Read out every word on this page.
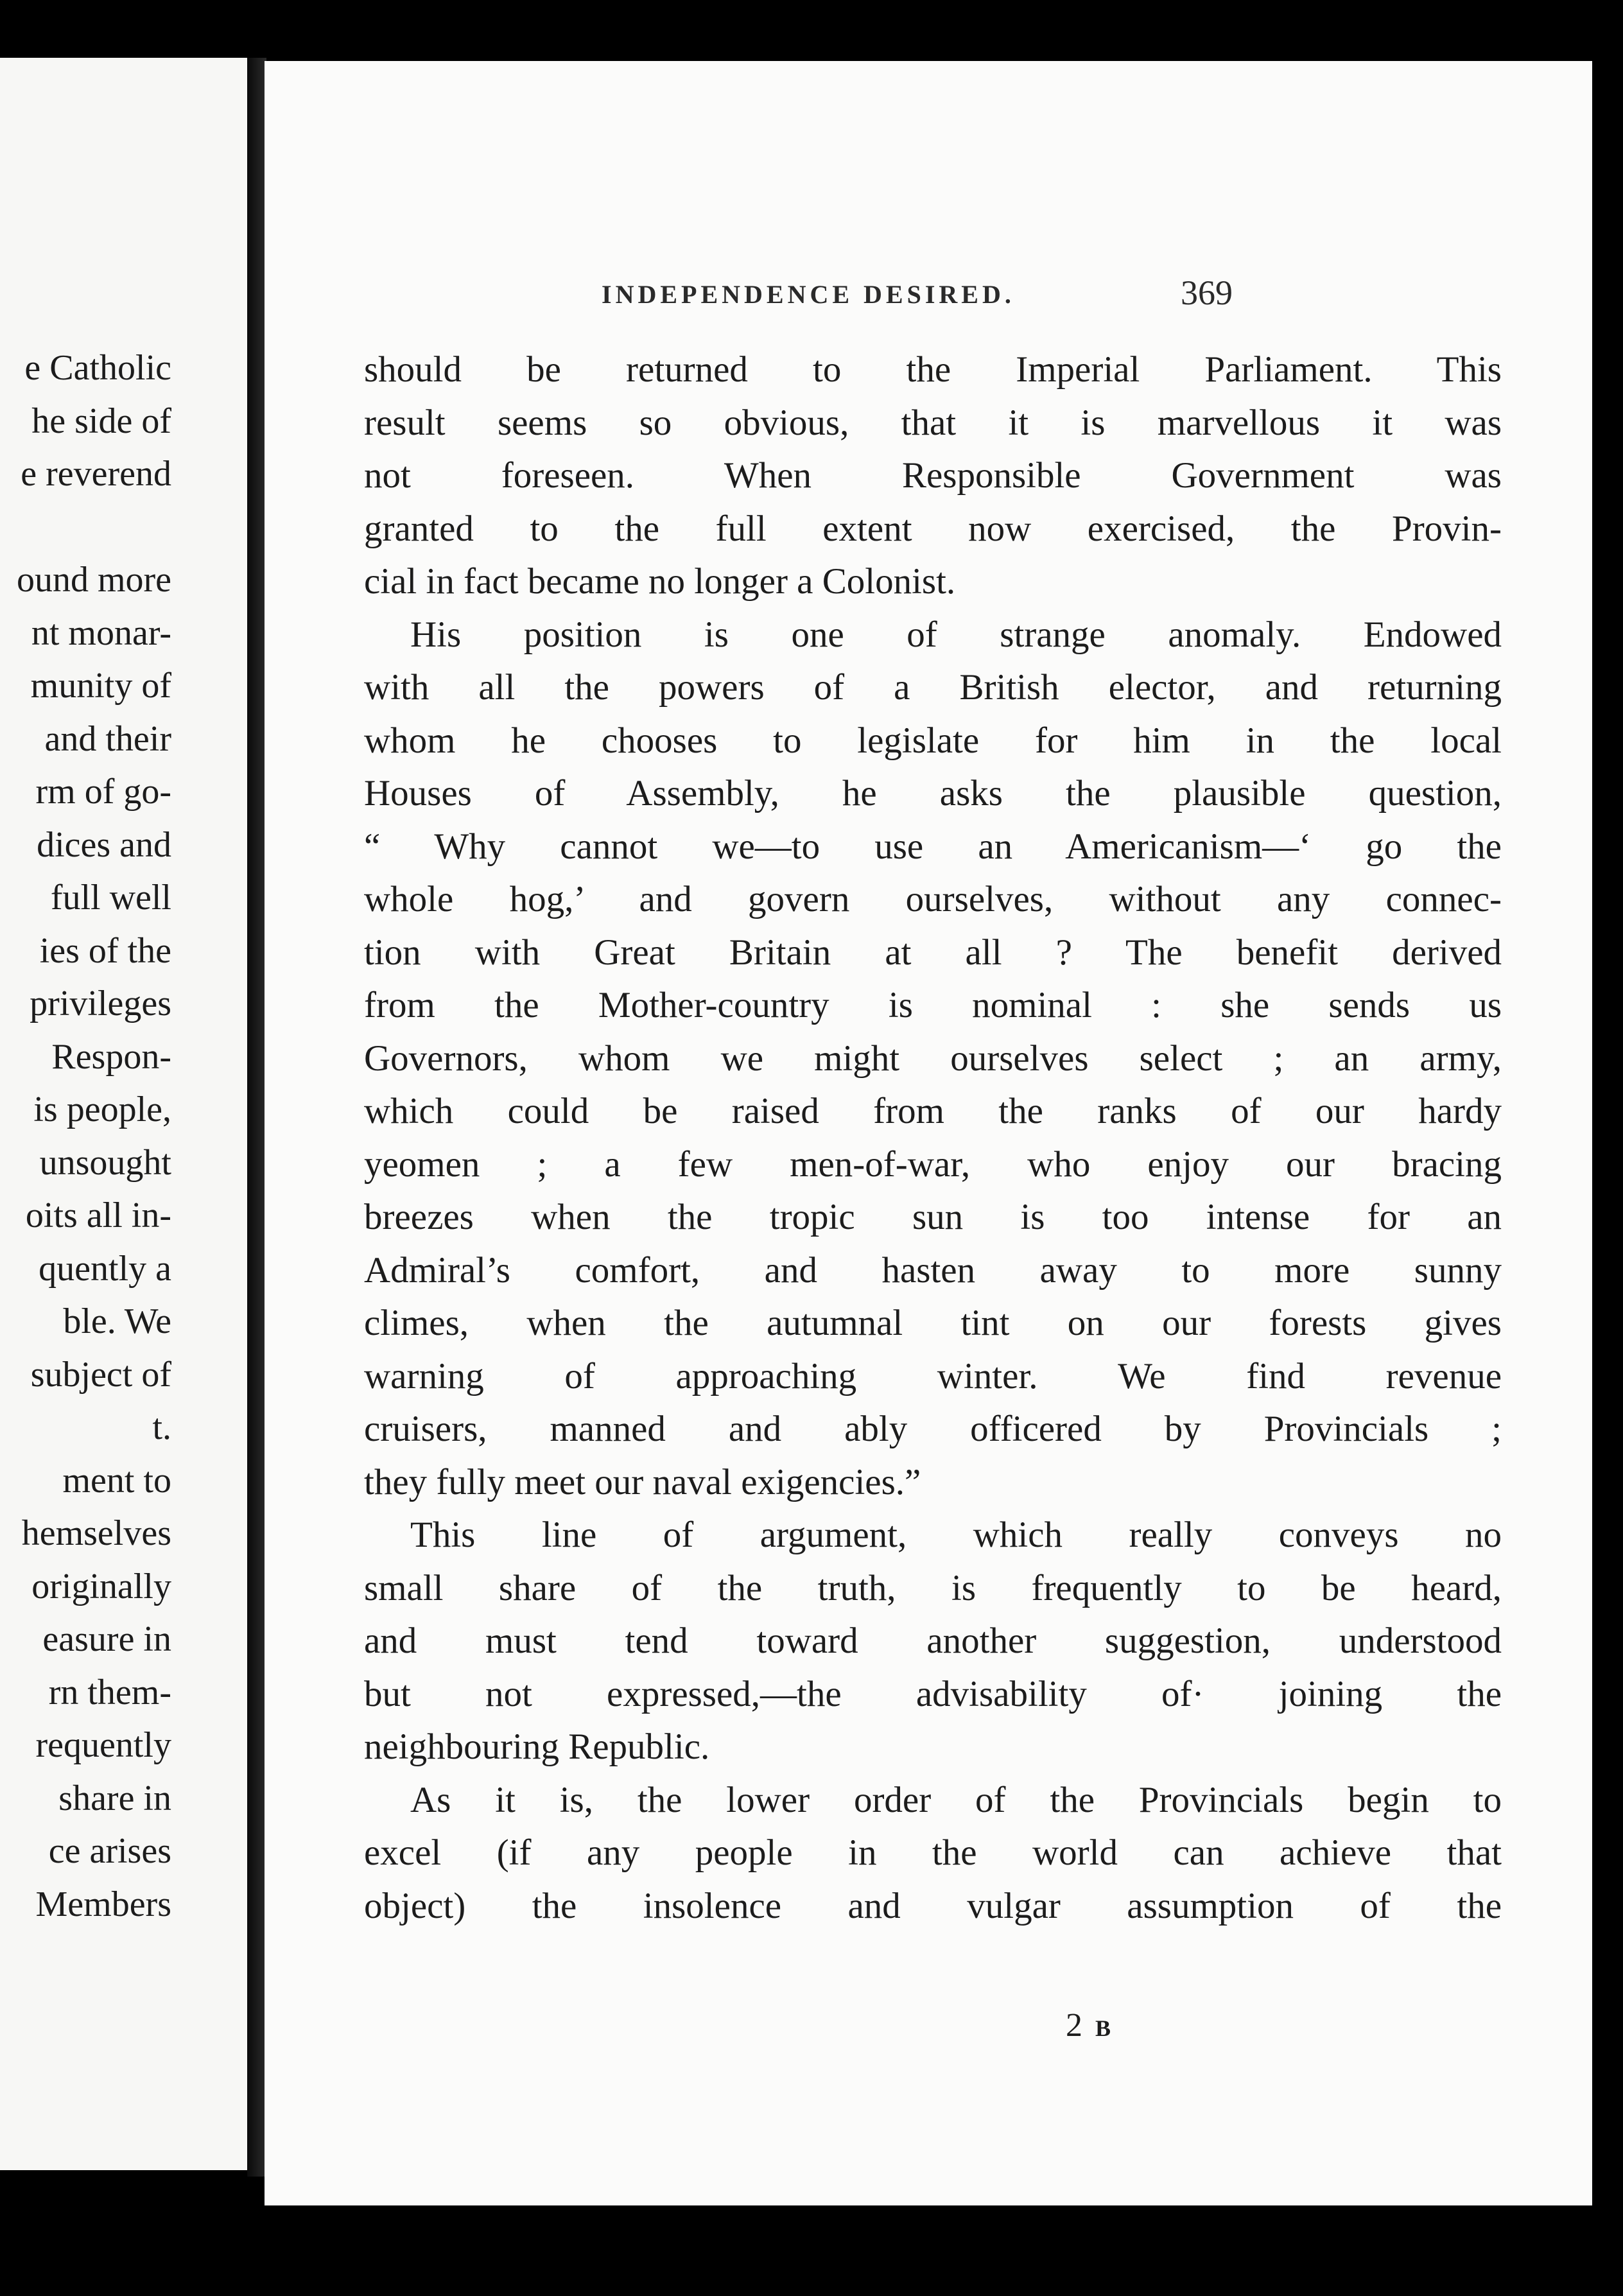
e Catholic
he side of
e reverend
ound more
nt monar-
munity of
and their
rm of go-
dices and
full well
ies of the
privileges
Respon-
is people,
unsought
oits all in-
quently a
ble. We
subject of
t.
ment to
hemselves
originally
easure in
rn them-
requently
share in
ce arises
Members
INDEPENDENCE DESIRED.	369
should be returned to the Imperial Parliament. This
result seems so obvious, that it is marvellous it was
not foreseen. When Responsible Government was
granted to the full extent now exercised, the Provin-
cial in fact became no longer a Colonist.
His position is one of strange anomaly. Endowed
with all the powers of a British elector, and returning
whom he chooses to legislate for him in the local
Houses of Assembly, he asks the plausible question,
“ Why cannot we—to use an Americanism—‘ go the
whole hog,’ and govern ourselves, without any connec-
tion with Great Britain at all ? The benefit derived
from the Mother-country is nominal : she sends us
Governors, whom we might ourselves select ; an army,
which could be raised from the ranks of our hardy
yeomen ; a few men-of-war, who enjoy our bracing
breezes when the tropic sun is too intense for an
Admiral’s comfort, and hasten away to more sunny
climes, when the autumnal tint on our forests gives
warning of approaching winter. We find revenue
cruisers, manned and ably officered by Provincials ;
they fully meet our naval exigencies.”
This line of argument, which really conveys no
small share of the truth, is frequently to be heard,
and must tend toward another suggestion, understood
but not expressed,—the advisability of· joining the
neighbouring Republic.
As it is, the lower order of the Provincials begin to
excel (if any people in the world can achieve that
object) the insolence and vulgar assumption of the
2 B
